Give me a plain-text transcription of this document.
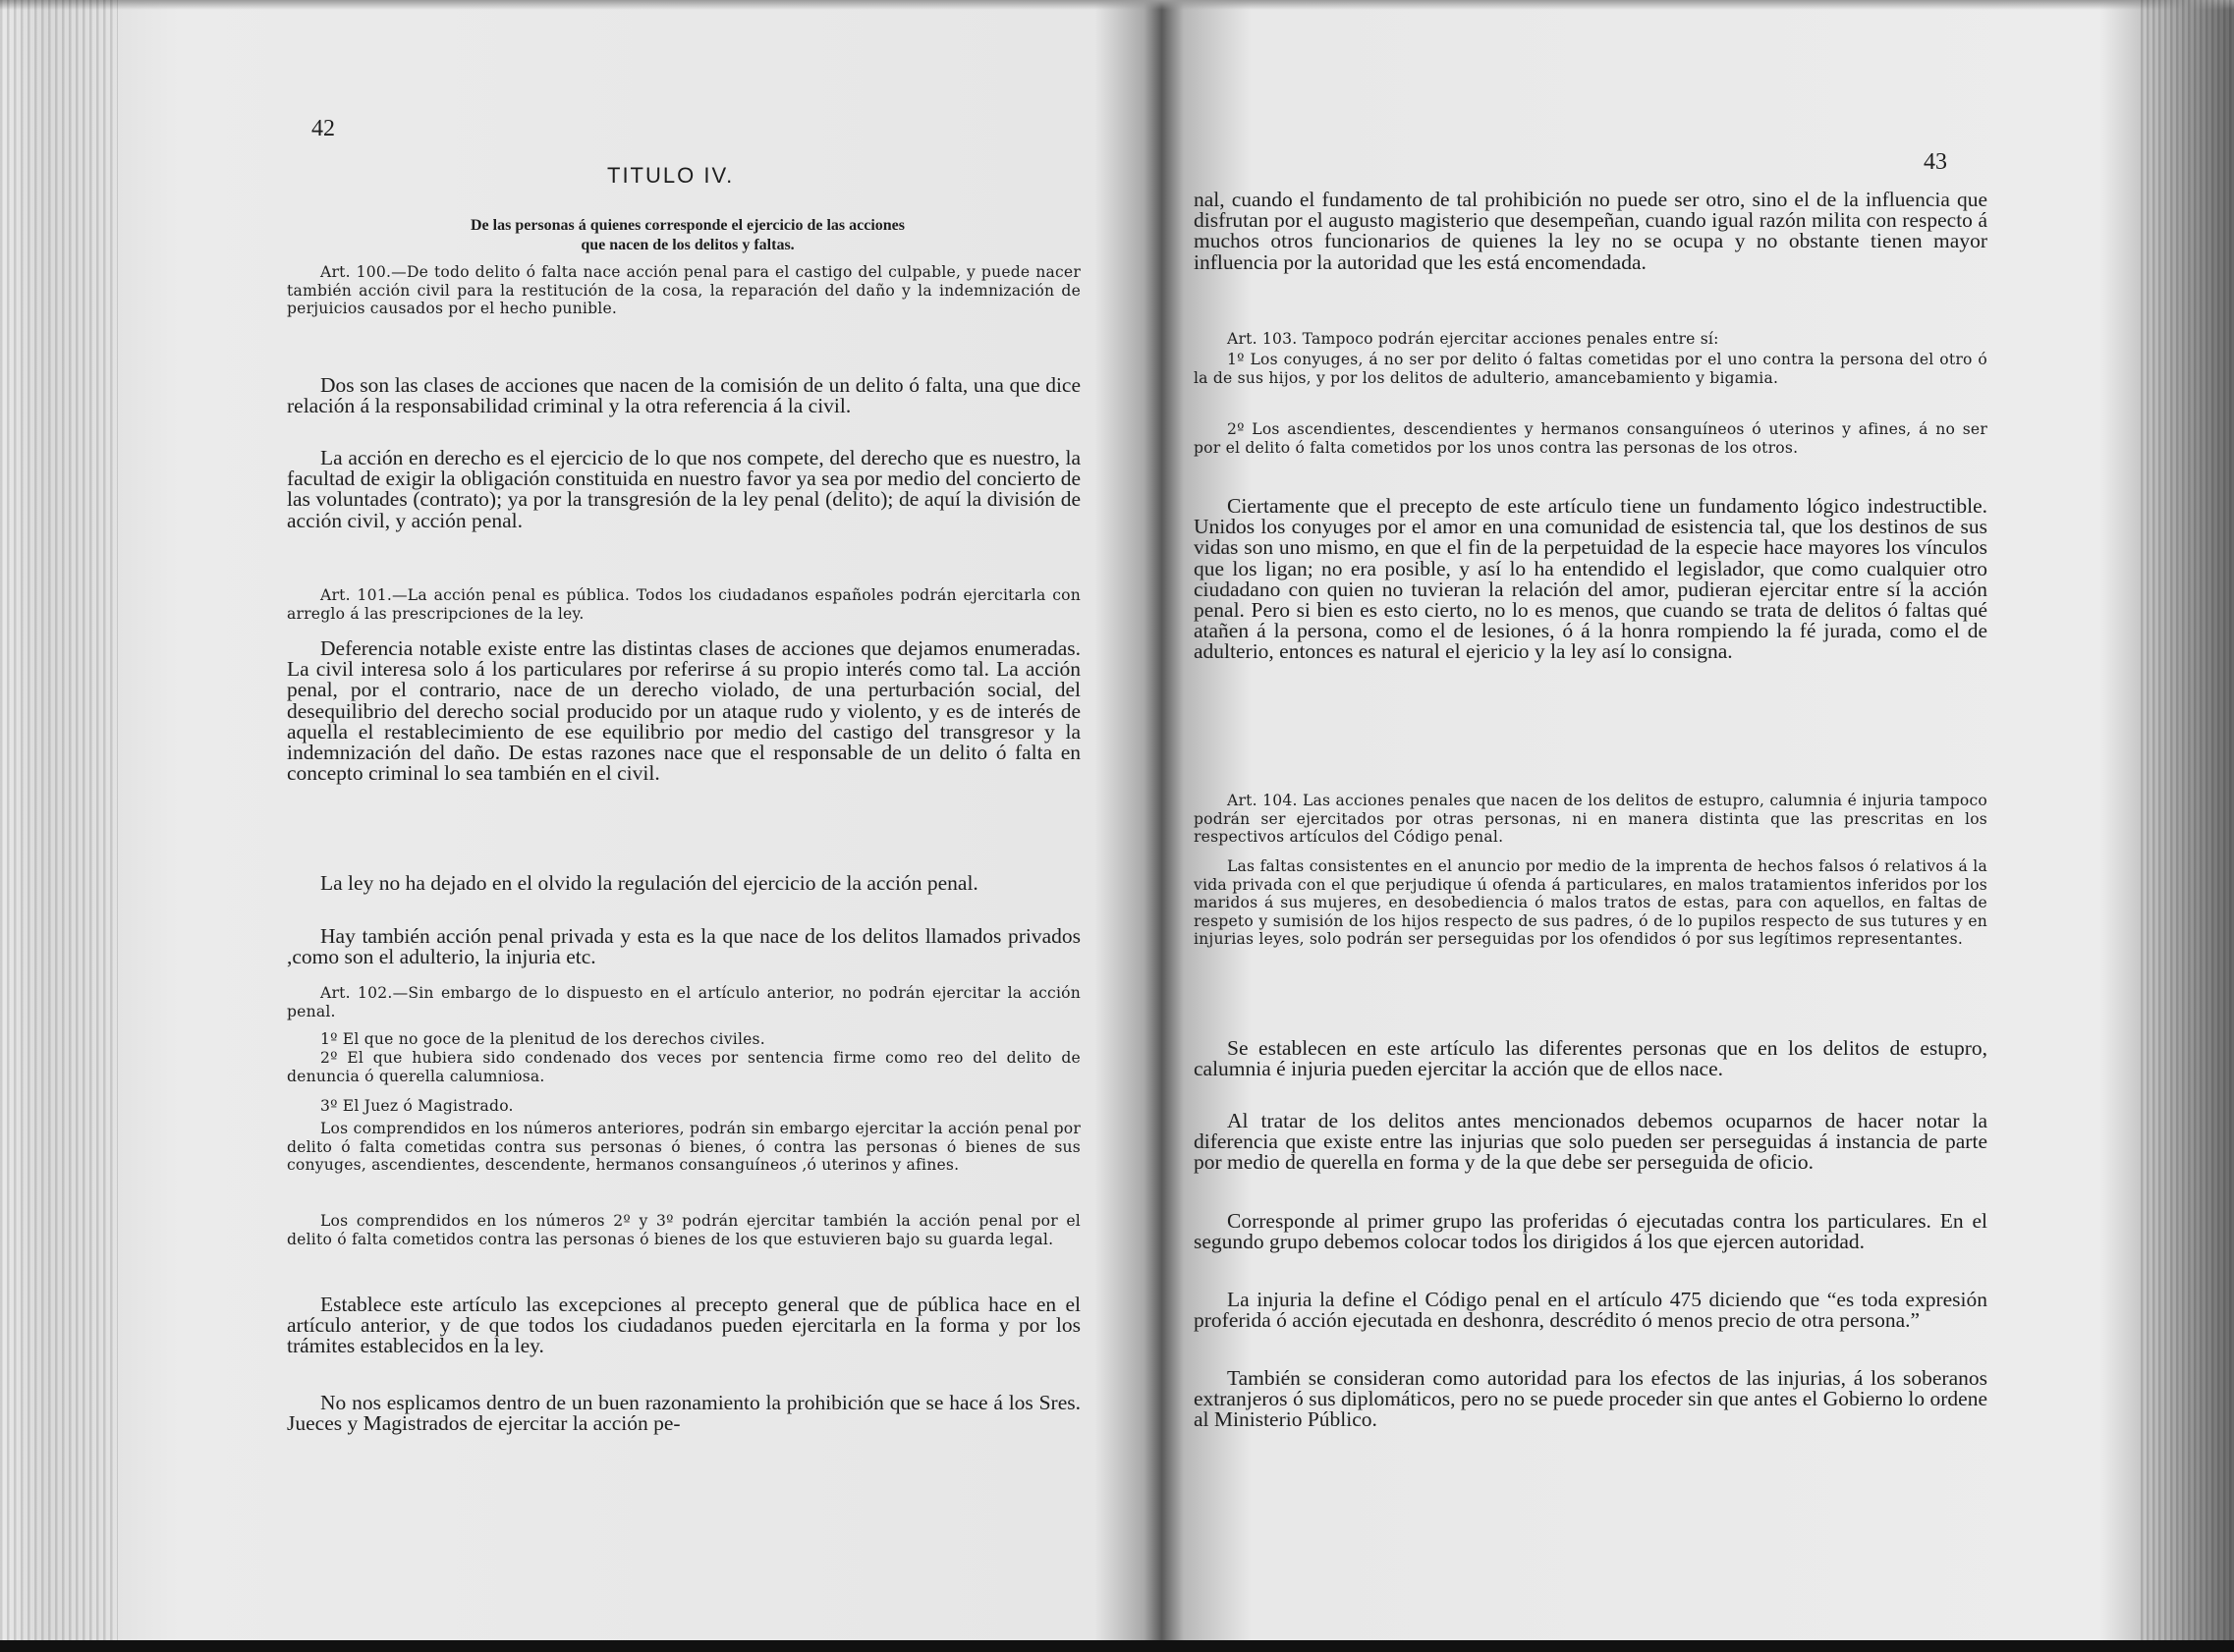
42
TITULO IV.
De las personas á quienes corresponde el ejercicio de las acciones
que nacen de los delitos y faltas.

Art. 100.—De todo delito ó falta nace acción penal para el castigo del culpable, y puede nacer también acción civil para la restitución de la cosa, la reparación del daño y la indemnización de perjuicios causados por el hecho punible.

Dos son las clases de acciones que nacen de la comisión de un delito ó falta, una que dice relación á la responsabilidad criminal y la otra referencia á la civil.

La acción en derecho es el ejercicio de lo que nos compete, del derecho que es nuestro, la facultad de exigir la obligación constituida en nuestro favor ya sea por medio del concierto de las voluntades (contrato); ya por la transgresión de la ley penal (delito); de aquí la división de acción civil, y acción penal.

Art. 101.—La acción penal es pública. Todos los ciudadanos españoles podrán ejercitarla con arreglo á las prescripciones de la ley.

Deferencia notable existe entre las distintas clases de acciones que dejamos enumeradas. La civil interesa solo á los particulares por referirse á su propio interés como tal. La acción penal, por el contrario, nace de un derecho violado, de una perturbación social, del desequilibrio del derecho social producido por un ataque rudo y violento, y es de interés de aquella el restablecimiento de ese equilibrio por medio del castigo del transgresor y la indemnización del daño. De estas razones nace que el responsable de un delito ó falta en concepto criminal lo sea también en el civil.

La ley no ha dejado en el olvido la regulación del ejercicio de la acción penal.

Hay también acción penal privada y esta es la que nace de los delitos llamados privados ,como son el adulterio, la injuria etc.

Art. 102.—Sin embargo de lo dispuesto en el artículo anterior, no podrán ejercitar la acción penal.

1º El que no goce de la plenitud de los derechos civiles.

2º El que hubiera sido condenado dos veces por sentencia firme como reo del delito de denuncia ó querella calumniosa.

3º El Juez ó Magistrado.

Los comprendidos en los números anteriores, podrán sin embargo ejercitar la acción penal por delito ó falta cometidas contra sus personas ó bienes, ó contra las personas ó bienes de sus conyuges, ascendientes, descendente, hermanos consanguíneos ,ó uterinos y afines.

Los comprendidos en los números 2º y 3º podrán ejercitar también la acción penal por el delito ó falta cometidos contra las personas ó bienes de los que estuvieren bajo su guarda legal.

Establece este artículo las excepciones al precepto general que de pública hace en el artículo anterior, y de que todos los ciudadanos pueden ejercitarla en la forma y por los trámites establecidos en la ley.

No nos esplicamos dentro de un buen razonamiento la prohibición que se hace á los Sres. Jueces y Magistrados de ejercitar la acción pe-

43

nal, cuando el fundamento de tal prohibición no puede ser otro, sino el de la influencia que disfrutan por el augusto magisterio que desempeñan, cuando igual razón milita con respecto á muchos otros funcionarios de quienes la ley no se ocupa y no obstante tienen mayor influencia por la autoridad que les está encomendada.

Art. 103. Tampoco podrán ejercitar acciones penales entre sí:

1º Los conyuges, á no ser por delito ó faltas cometidas por el uno contra la persona del otro ó la de sus hijos, y por los delitos de adulterio, amancebamiento y bigamia.

2º Los ascendientes, descendientes y hermanos consanguíneos ó uterinos y afines, á no ser por el delito ó falta cometidos por los unos contra las personas de los otros.

Ciertamente que el precepto de este artículo tiene un fundamento lógico indestructible. Unidos los conyuges por el amor en una comunidad de esistencia tal, que los destinos de sus vidas son uno mismo, en que el fin de la perpetuidad de la especie hace mayores los vínculos que los ligan; no era posible, y así lo ha entendido el legislador, que como cualquier otro ciudadano con quien no tuvieran la relación del amor, pudieran ejercitar entre sí la acción penal. Pero si bien es esto cierto, no lo es menos, que cuando se trata de delitos ó faltas qué atañen á la persona, como el de lesiones, ó á la honra rompiendo la fé jurada, como el de adulterio, entonces es natural el ejericio y la ley así lo consigna.

Art. 104. Las acciones penales que nacen de los delitos de estupro, calumnia é injuria tampoco podrán ser ejercitados por otras personas, ni en manera distinta que las prescritas en los respectivos artículos del Código penal.

Las faltas consistentes en el anuncio por medio de la imprenta de hechos falsos ó relativos á la vida privada con el que perjudique ú ofenda á particulares, en malos tratamientos inferidos por los maridos á sus mujeres, en desobediencia ó malos tratos de estas, para con aquellos, en faltas de respeto y sumisión de los hijos respecto de sus padres, ó de lo pupilos respecto de sus tutures y en injurias leyes, solo podrán ser perseguidas por los ofendidos ó por sus legítimos representantes.

Se establecen en este artículo las diferentes personas que en los delitos de estupro, calumnia é injuria pueden ejercitar la acción que de ellos nace.

Al tratar de los delitos antes mencionados debemos ocuparnos de hacer notar la diferencia que existe entre las injurias que solo pueden ser perseguidas á instancia de parte por medio de querella en forma y de la que debe ser perseguida de oficio.

Corresponde al primer grupo las proferidas ó ejecutadas contra los particulares. En el segundo grupo debemos colocar todos los dirigidos á los que ejercen autoridad.

La injuria la define el Código penal en el artículo 475 diciendo que “es toda expresión proferida ó acción ejecutada en deshonra, descrédito ó menos precio de otra persona.”

También se consideran como autoridad para los efectos de las injurias, á los soberanos extranjeros ó sus diplomáticos, pero no se puede proceder sin que antes el Gobierno lo ordene al Ministerio Público.
